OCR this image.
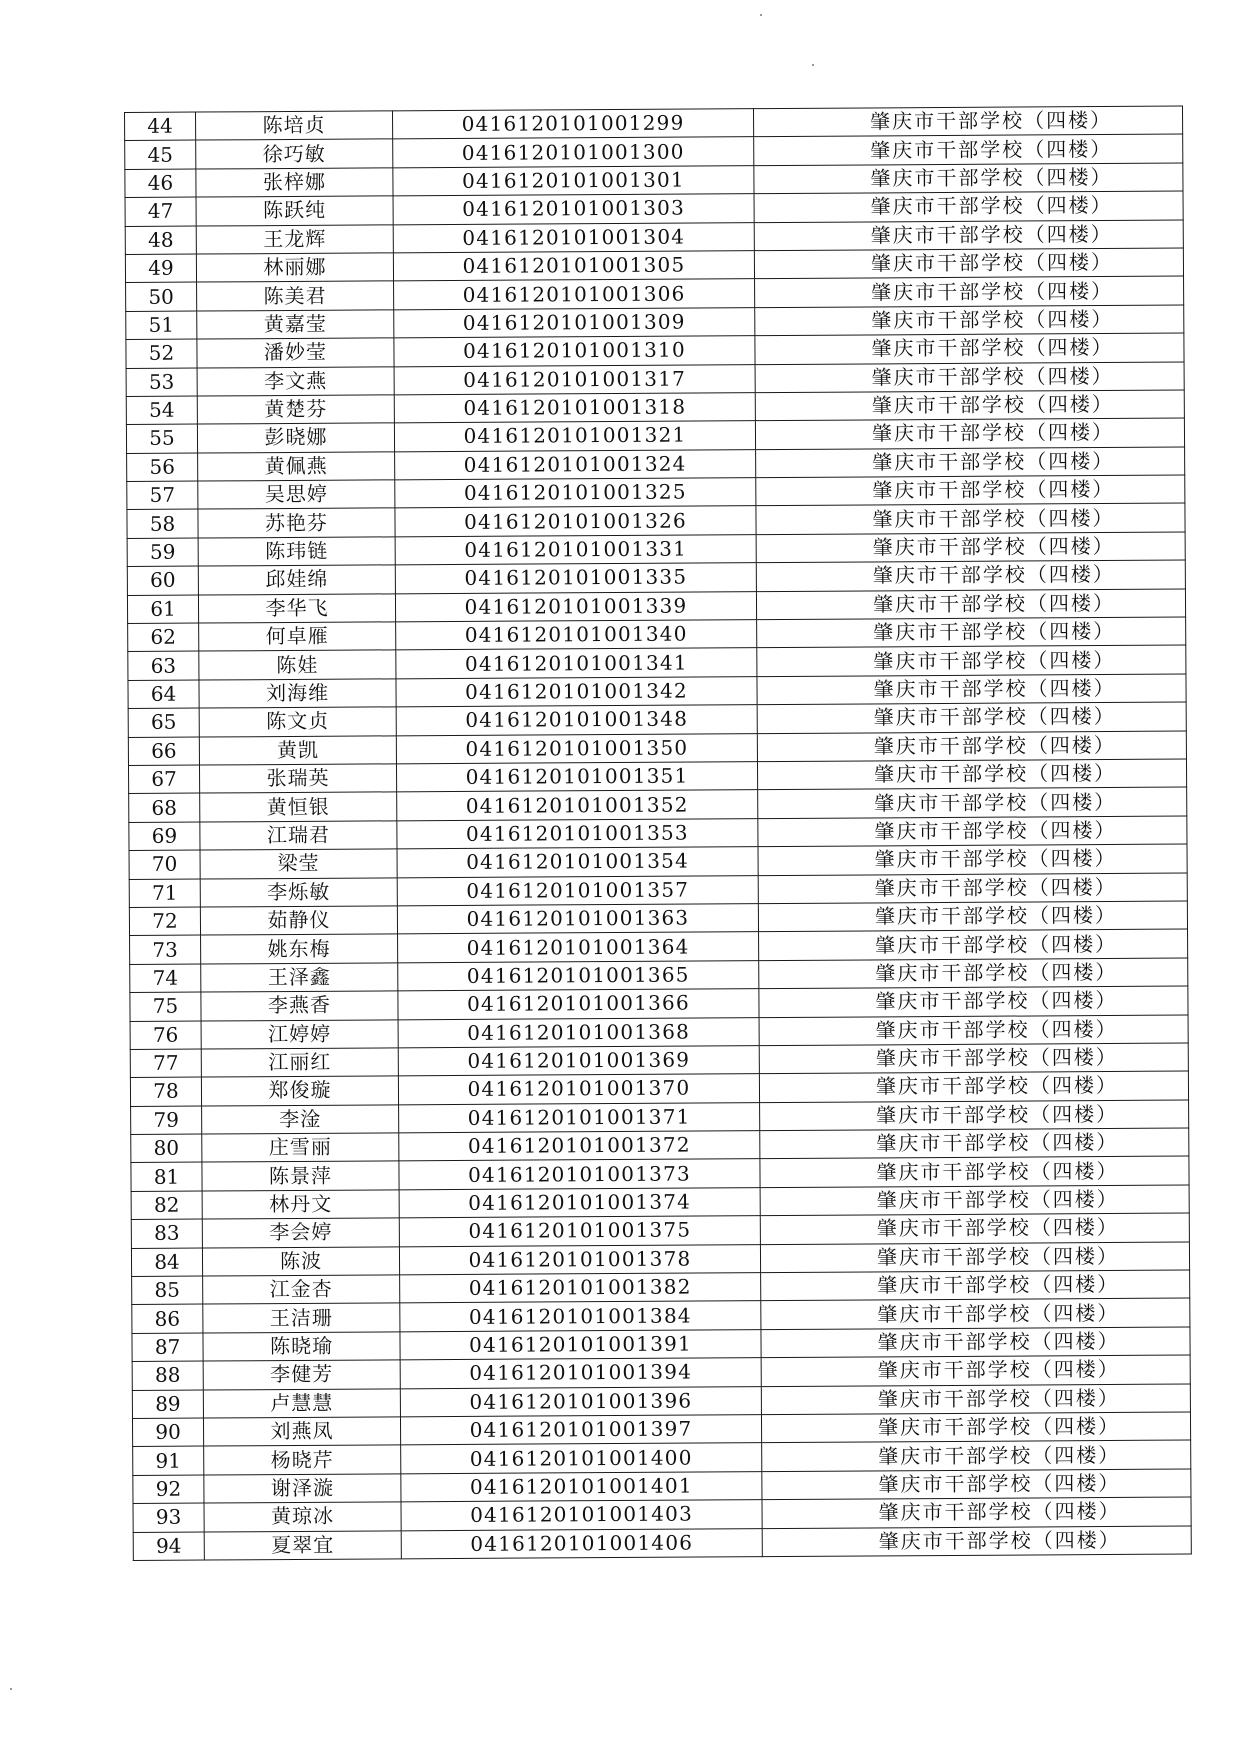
44	陈培贞	0416120101001299	肇庆市干部学校（四楼）
45	徐巧敏	0416120101001300	肇庆市干部学校（四楼）
46	张梓娜	0416120101001301	肇庆市干部学校（四楼）
47	陈跃纯	0416120101001303	肇庆市干部学校（四楼）
48	王龙辉	0416120101001304	肇庆市干部学校（四楼）
49	林丽娜	0416120101001305	肇庆市干部学校（四楼）
50	陈美君	0416120101001306	肇庆市干部学校（四楼）
51	黄嘉莹	0416120101001309	肇庆市干部学校（四楼）
52	潘妙莹	0416120101001310	肇庆市干部学校（四楼）
53	李文燕	0416120101001317	肇庆市干部学校（四楼）
54	黄楚芬	0416120101001318	肇庆市干部学校（四楼）
55	彭晓娜	0416120101001321	肇庆市干部学校（四楼）
56	黄佩燕	0416120101001324	肇庆市干部学校（四楼）
57	吴思婷	0416120101001325	肇庆市干部学校（四楼）
58	苏艳芬	0416120101001326	肇庆市干部学校（四楼）
59	陈玮链	0416120101001331	肇庆市干部学校（四楼）
60	邱娃绵	0416120101001335	肇庆市干部学校（四楼）
61	李华飞	0416120101001339	肇庆市干部学校（四楼）
62	何卓雁	0416120101001340	肇庆市干部学校（四楼）
63	陈娃	0416120101001341	肇庆市干部学校（四楼）
64	刘海维	0416120101001342	肇庆市干部学校（四楼）
65	陈文贞	0416120101001348	肇庆市干部学校（四楼）
66	黄凯	0416120101001350	肇庆市干部学校（四楼）
67	张瑞英	0416120101001351	肇庆市干部学校（四楼）
68	黄恒银	0416120101001352	肇庆市干部学校（四楼）
69	江瑞君	0416120101001353	肇庆市干部学校（四楼）
70	梁莹	0416120101001354	肇庆市干部学校（四楼）
71	李烁敏	0416120101001357	肇庆市干部学校（四楼）
72	茹静仪	0416120101001363	肇庆市干部学校（四楼）
73	姚东梅	0416120101001364	肇庆市干部学校（四楼）
74	王泽鑫	0416120101001365	肇庆市干部学校（四楼）
75	李燕香	0416120101001366	肇庆市干部学校（四楼）
76	江婷婷	0416120101001368	肇庆市干部学校（四楼）
77	江丽红	0416120101001369	肇庆市干部学校（四楼）
78	郑俊璇	0416120101001370	肇庆市干部学校（四楼）
79	李淦	0416120101001371	肇庆市干部学校（四楼）
80	庄雪丽	0416120101001372	肇庆市干部学校（四楼）
81	陈景萍	0416120101001373	肇庆市干部学校（四楼）
82	林丹文	0416120101001374	肇庆市干部学校（四楼）
83	李会婷	0416120101001375	肇庆市干部学校（四楼）
84	陈波	0416120101001378	肇庆市干部学校（四楼）
85	江金杏	0416120101001382	肇庆市干部学校（四楼）
86	王洁珊	0416120101001384	肇庆市干部学校（四楼）
87	陈晓瑜	0416120101001391	肇庆市干部学校（四楼）
88	李健芳	0416120101001394	肇庆市干部学校（四楼）
89	卢慧慧	0416120101001396	肇庆市干部学校（四楼）
90	刘燕凤	0416120101001397	肇庆市干部学校（四楼）
91	杨晓芹	0416120101001400	肇庆市干部学校（四楼）
92	谢泽漩	0416120101001401	肇庆市干部学校（四楼）
93	黄琼冰	0416120101001403	肇庆市干部学校（四楼）
94	夏翠宜	0416120101001406	肇庆市干部学校（四楼）
